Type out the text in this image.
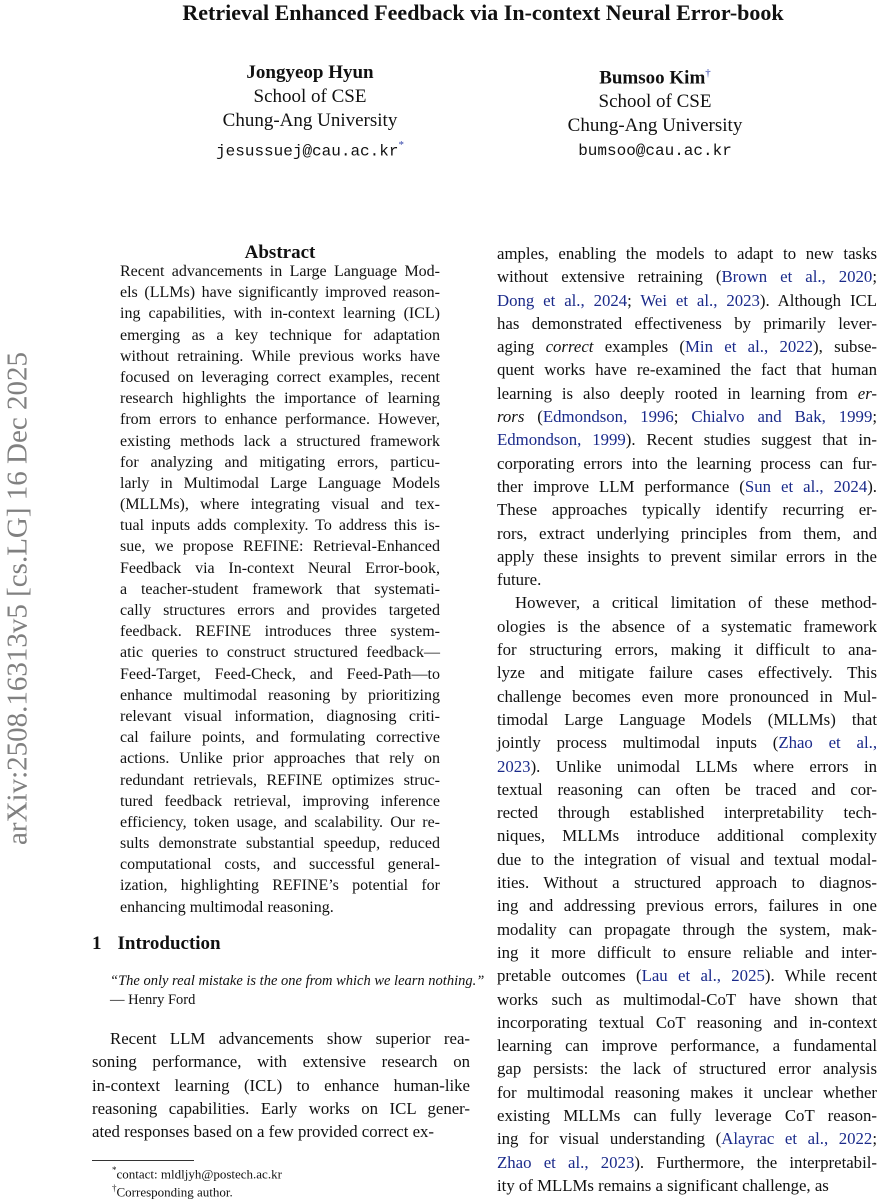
Retrieval Enhanced Feedback via In-context Neural Error-book
Jongyeop Hyun
School of CSE
Chung-Ang University
jesussuej@cau.ac.kr*
Bumsoo Kim†
School of CSE
Chung-Ang University
bumsoo@cau.ac.kr
arXiv:2508.16313v5 [cs.LG] 16 Dec 2025
Abstract
Recent advancements in Large Language Mod-
els (LLMs) have significantly improved reason-
ing capabilities, with in-context learning (ICL)
emerging as a key technique for adaptation
without retraining. While previous works have
focused on leveraging correct examples, recent
research highlights the importance of learning
from errors to enhance performance. However,
existing methods lack a structured framework
for analyzing and mitigating errors, particu-
larly in Multimodal Large Language Models
(MLLMs), where integrating visual and tex-
tual inputs adds complexity. To address this is-
sue, we propose REFINE: Retrieval-Enhanced
Feedback via In-context Neural Error-book,
a teacher-student framework that systemati-
cally structures errors and provides targeted
feedback. REFINE introduces three system-
atic queries to construct structured feedback—
Feed-Target, Feed-Check, and Feed-Path—to
enhance multimodal reasoning by prioritizing
relevant visual information, diagnosing criti-
cal failure points, and formulating corrective
actions. Unlike prior approaches that rely on
redundant retrievals, REFINE optimizes struc-
tured feedback retrieval, improving inference
efficiency, token usage, and scalability. Our re-
sults demonstrate substantial speedup, reduced
computational costs, and successful general-
ization, highlighting REFINE’s potential for
enhancing multimodal reasoning.
1 Introduction
“The only real mistake is the one from which we learn nothing.”
— Henry Ford
Recent LLM advancements show superior rea-
soning performance, with extensive research on
in-context learning (ICL) to enhance human-like
reasoning capabilities. Early works on ICL gener-
ated responses based on a few provided correct ex-
amples, enabling the models to adapt to new tasks
without extensive retraining (Brown et al., 2020;
Dong et al., 2024; Wei et al., 2023). Although ICL
has demonstrated effectiveness by primarily lever-
aging correct examples (Min et al., 2022), subse-
quent works have re-examined the fact that human
learning is also deeply rooted in learning from er-
rors (Edmondson, 1996; Chialvo and Bak, 1999;
Edmondson, 1999). Recent studies suggest that in-
corporating errors into the learning process can fur-
ther improve LLM performance (Sun et al., 2024).
These approaches typically identify recurring er-
rors, extract underlying principles from them, and
apply these insights to prevent similar errors in the
future.
However, a critical limitation of these method-
ologies is the absence of a systematic framework
for structuring errors, making it difficult to ana-
lyze and mitigate failure cases effectively. This
challenge becomes even more pronounced in Mul-
timodal Large Language Models (MLLMs) that
jointly process multimodal inputs (Zhao et al.,
2023). Unlike unimodal LLMs where errors in
textual reasoning can often be traced and cor-
rected through established interpretability tech-
niques, MLLMs introduce additional complexity
due to the integration of visual and textual modal-
ities. Without a structured approach to diagnos-
ing and addressing previous errors, failures in one
modality can propagate through the system, mak-
ing it more difficult to ensure reliable and inter-
pretable outcomes (Lau et al., 2025). While recent
works such as multimodal-CoT have shown that
incorporating textual CoT reasoning and in-context
learning can improve performance, a fundamental
gap persists: the lack of structured error analysis
for multimodal reasoning makes it unclear whether
existing MLLMs can fully leverage CoT reason-
ing for visual understanding (Alayrac et al., 2022;
Zhao et al., 2023). Furthermore, the interpretabil-
ity of MLLMs remains a significant challenge, as
*contact: mldljyh@postech.ac.kr
†Corresponding author.
